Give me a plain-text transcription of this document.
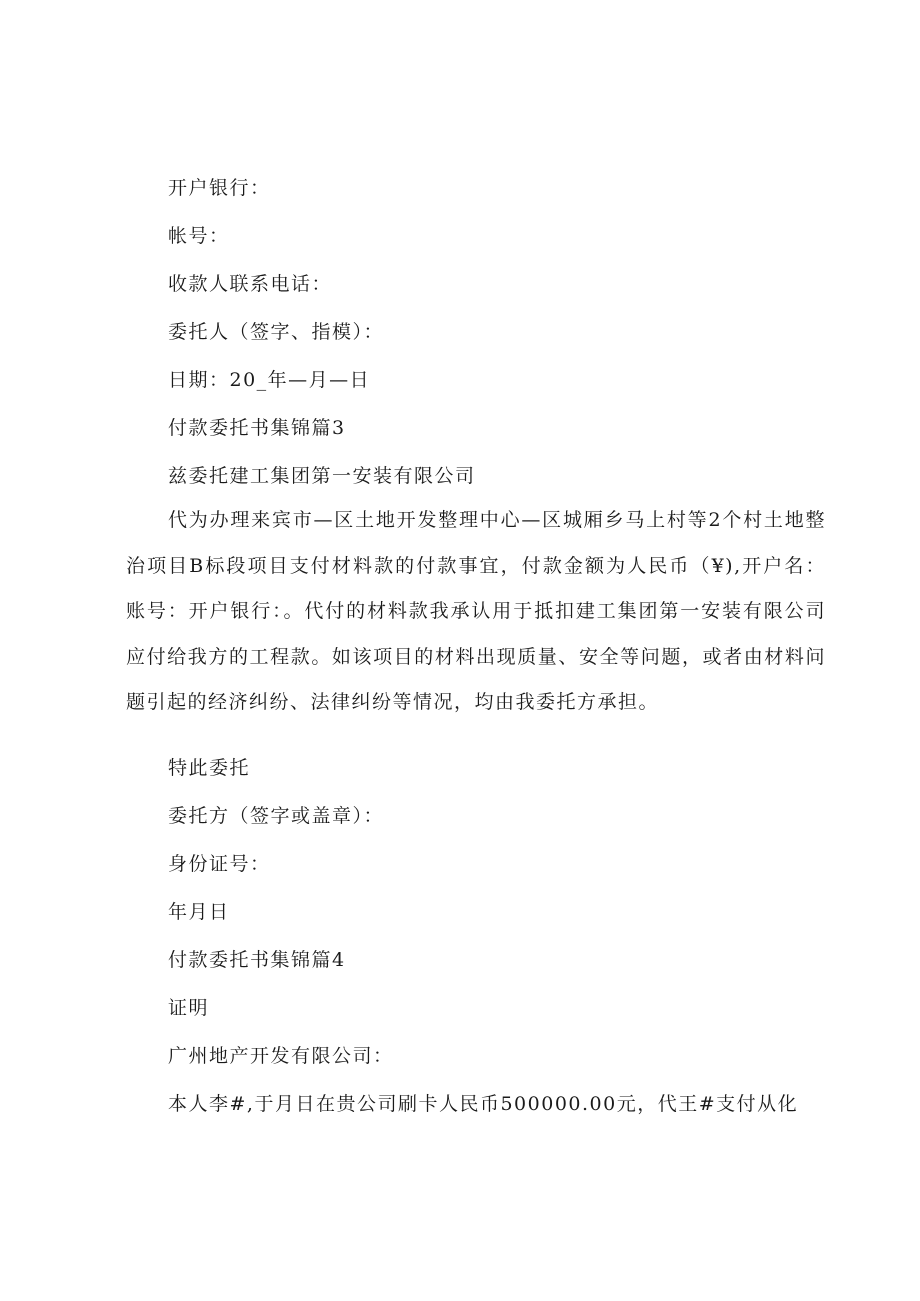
开户银行：
帐号：
收款人联系电话：
委托人（签字、指模）：
日期：20_年—月—日
付款委托书集锦篇3
兹委托建工集团第一安装有限公司
代为办理来宾市—区土地开发整理中心—区城厢乡马上村等2个村土地整治项目B标段项目支付材料款的付款事宜，付款金额为人民币（¥),开户名：账号：开户银行：。代付的材料款我承认用于抵扣建工集团第一安装有限公司应付给我方的工程款。如该项目的材料出现质量、安全等问题，或者由材料问题引起的经济纠纷、法律纠纷等情况，均由我委托方承担。
特此委托
委托方（签字或盖章）：
身份证号：
年月日
付款委托书集锦篇4
证明
广州地产开发有限公司：
本人李#,于月日在贵公司刷卡人民币500000.00元，代王#支付从化
